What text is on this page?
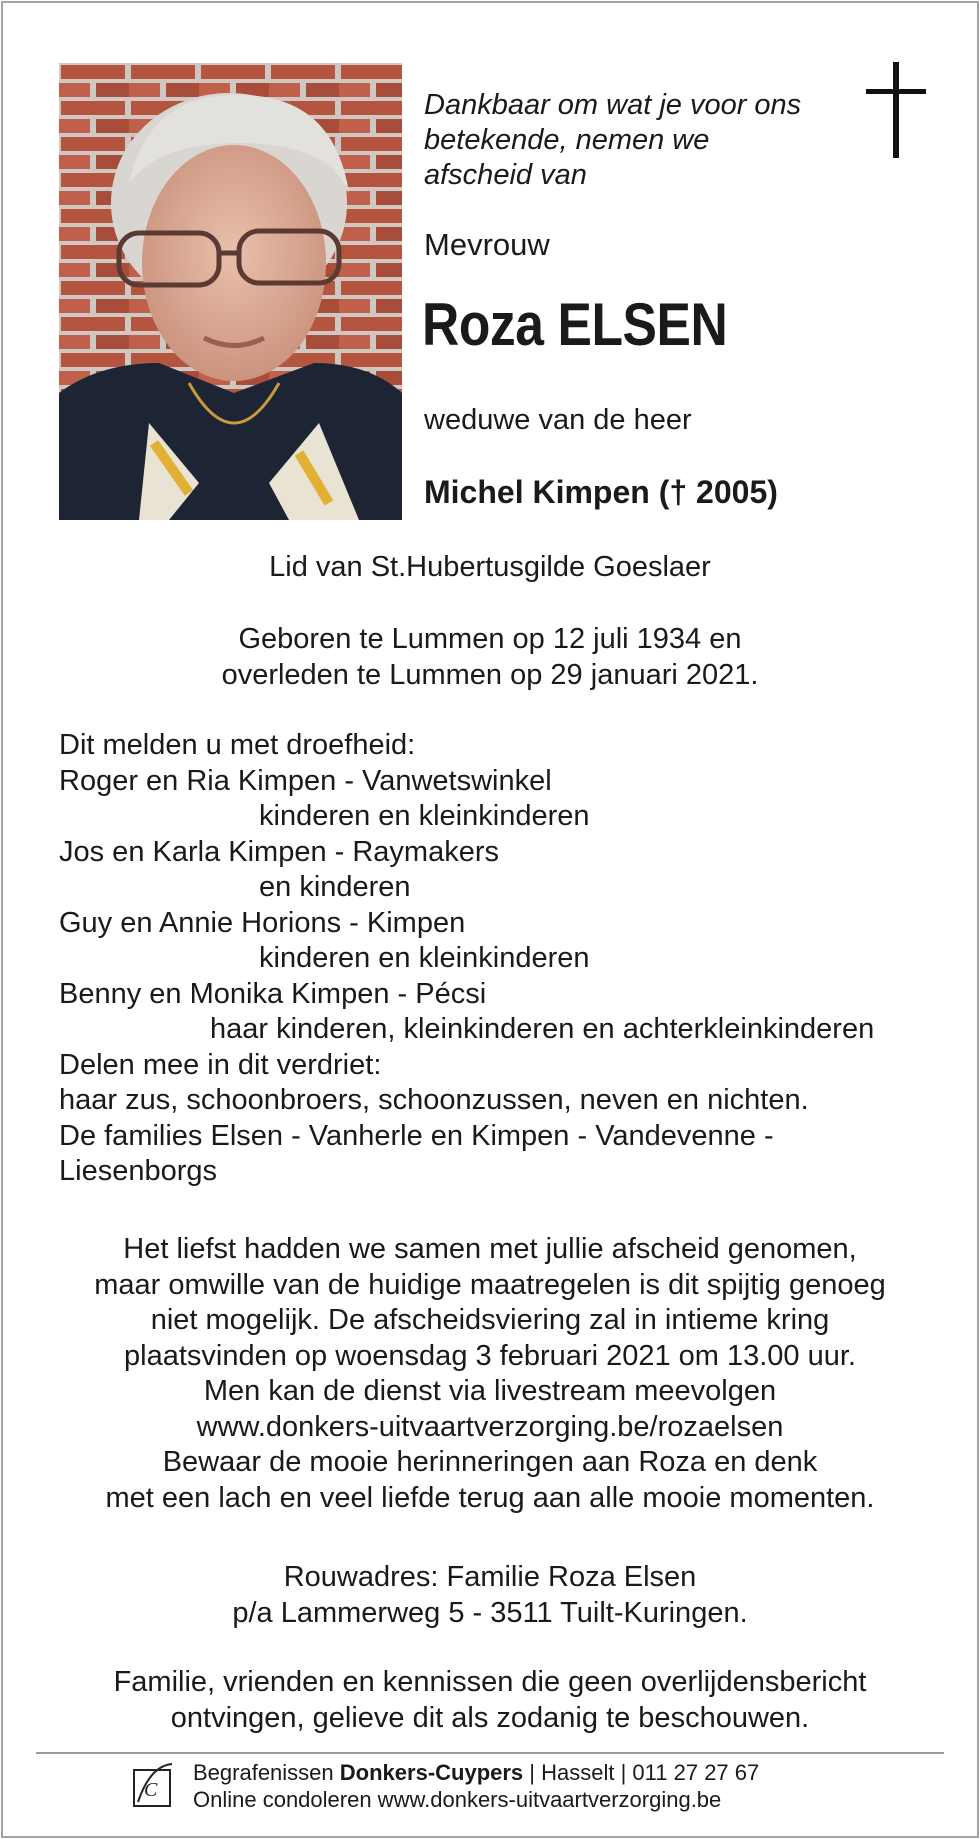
Dankbaar om wat je voor ons
betekende, nemen we
afscheid van

Mevrouw

Roza ELSEN

weduwe van de heer

Michel Kimpen († 2005)

Lid van St.Hubertusgilde Goeslaer

Geboren te Lummen op 12 juli 1934 en
overleden te Lummen op 29 januari 2021.

Dit melden u met droefheid:
Roger en Ria Kimpen - Vanwetswinkel
kinderen en kleinkinderen
Jos en Karla Kimpen - Raymakers
en kinderen
Guy en Annie Horions - Kimpen
kinderen en kleinkinderen
Benny en Monika Kimpen - Pécsi
haar kinderen, kleinkinderen en achterkleinkinderen
Delen mee in dit verdriet:
haar zus, schoonbroers, schoonzussen, neven en nichten.
De families Elsen - Vanherle en Kimpen - Vandevenne -
Liesenborgs

Het liefst hadden we samen met jullie afscheid genomen,
maar omwille van de huidige maatregelen is dit spijtig genoeg
niet mogelijk. De afscheidsviering zal in intieme kring
plaatsvinden op woensdag 3 februari 2021 om 13.00 uur.
Men kan de dienst via livestream meevolgen
www.donkers-uitvaartverzorging.be/rozaelsen
Bewaar de mooie herinneringen aan Roza en denk
met een lach en veel liefde terug aan alle mooie momenten.

Rouwadres: Familie Roza Elsen
p/a Lammerweg 5 - 3511 Tuilt-Kuringen.

Familie, vrienden en kennissen die geen overlijdensbericht
ontvingen, gelieve dit als zodanig te beschouwen.

C

Begrafenissen Donkers-Cuypers | Hasselt | 011 27 27 67
Online condoleren www.donkers-uitvaartverzorging.be
